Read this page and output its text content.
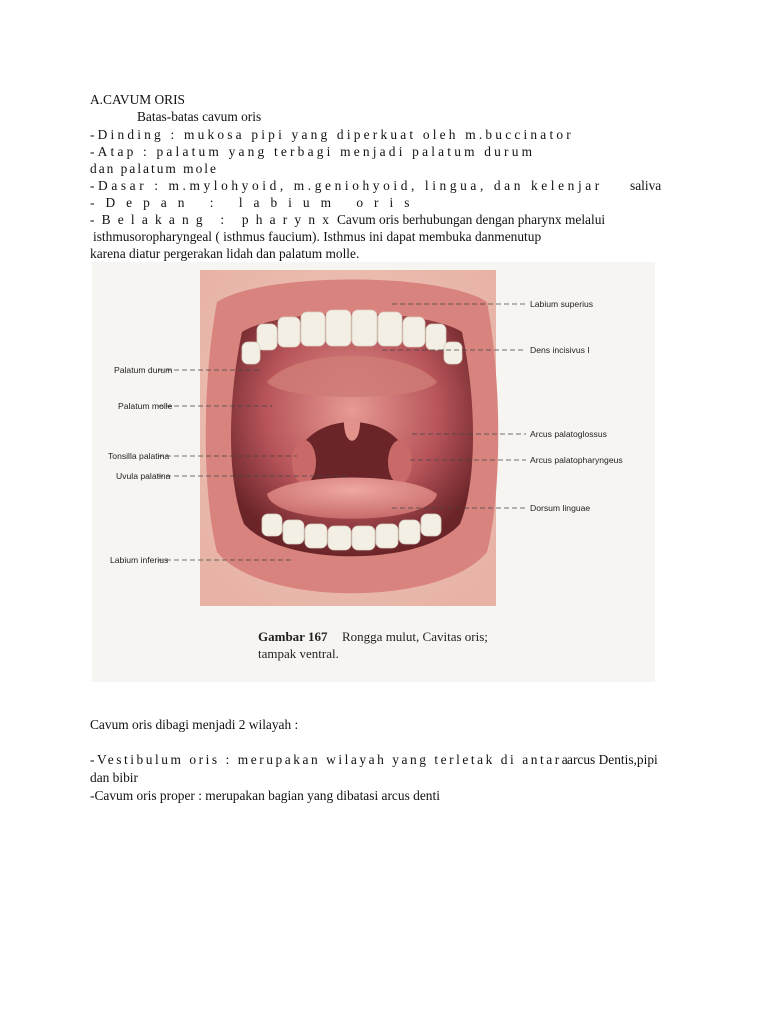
A.CAVUM ORIS
Batas-batas cavum oris
-Dinding : mukosa pipi yang diperkuat oleh m.buccinator
-Atap : palatum yang terbagi menjadi palatum durum
dan palatum mole
-Dasar : m.mylohyoid, m.geniohyoid, lingua, dan kelenjar saliva
-Depan : labium oris
-Belakang : pharynx Cavum oris berhubungan dengan pharynx melalui
isthmusoropharyngeal ( isthmus faucium). Isthmus ini dapat membuka danmenutup
karena diatur pergerakan lidah dan palatum molle.
Palatum durum
Palatum molle
Tonsilla palatina
Uvula palatina
Labium inferius
Labium superius
Dens incisivus I
Arcus palatoglossus
Arcus palatopharyngeus
Dorsum linguae
Gambar 167 Rongga mulut, Cavitas oris;
tampak ventral.
Cavum oris dibagi menjadi 2 wilayah :
-Vestibulum oris : merupakan wilayah yang terletak di antara
arcus Dentis,pipi
dan bibir
-Cavum oris proper : merupakan bagian yang dibatasi arcus denti
